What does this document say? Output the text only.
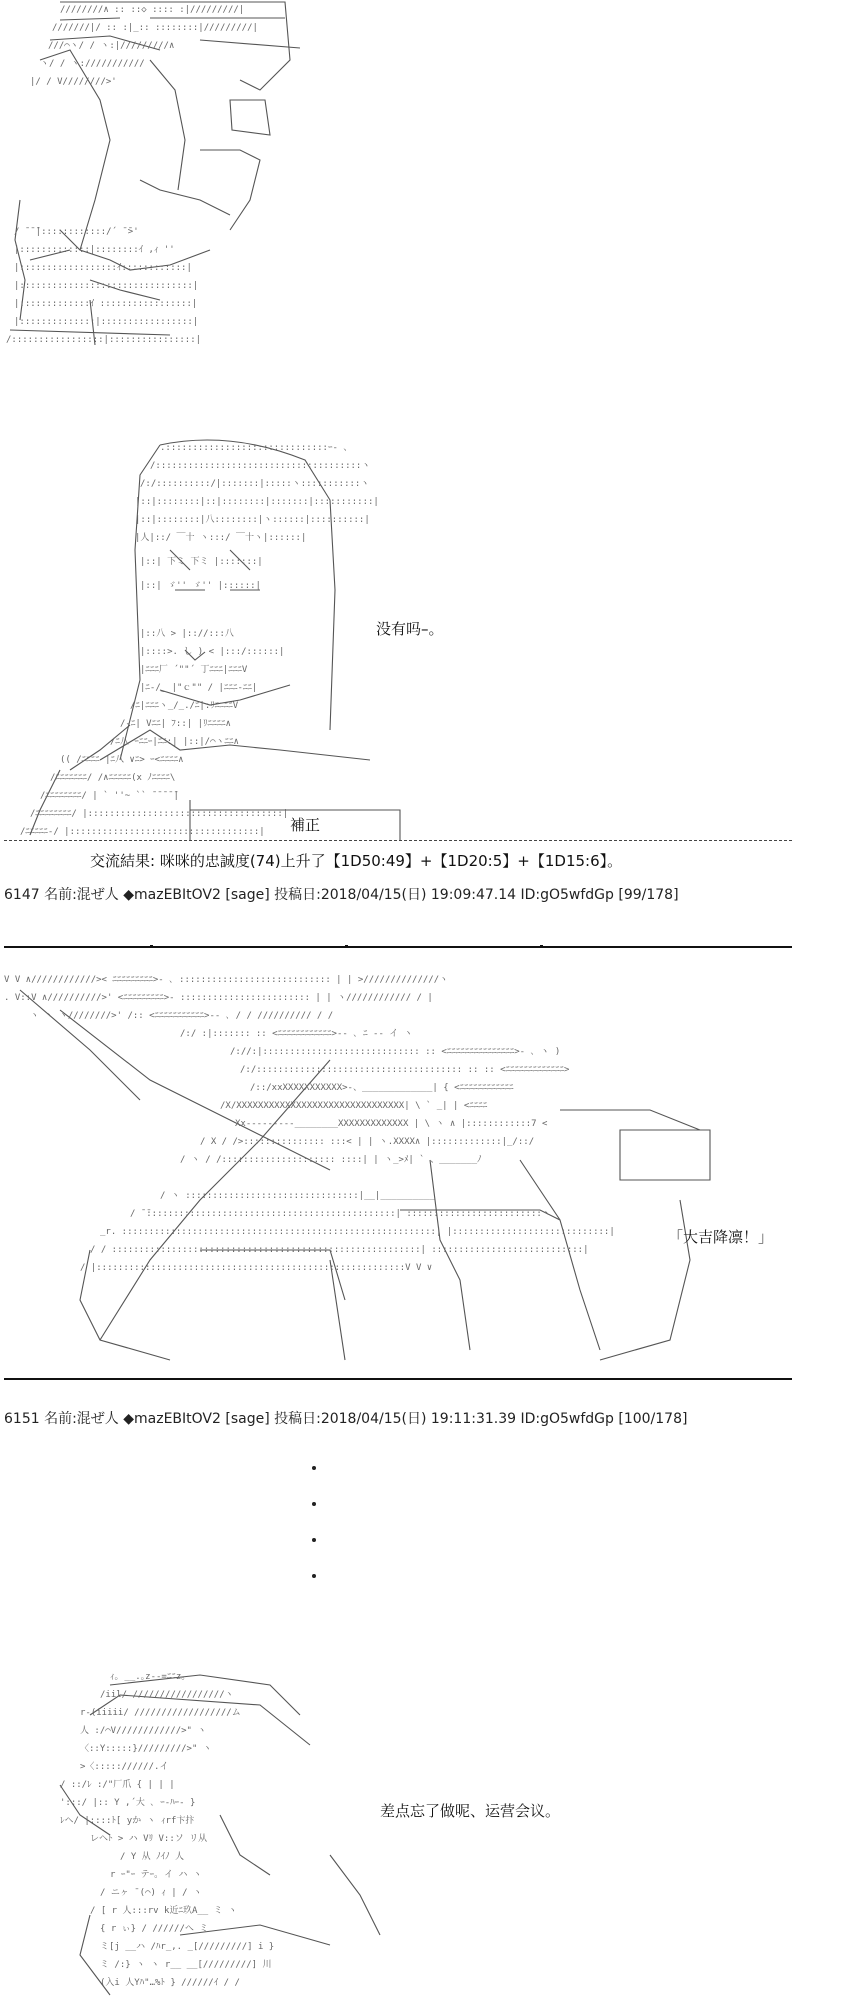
////////∧ :: ::◇ :::: :|/////////|
///////|/ :: :|_:: ::::::::|/////////|
///⌒ヽ/ / ヽ:|/////////∧
ヽ/ / ヽ:///////////
|/ / V////////>'
/ ̄ ̄ ̄|::::::::::::/´ ̄ ̄>'
|:::::::::::::|::::::::ｲ ,ｨ ''
|::::::::::::::::::ｲ::::::::::::|
|::::::::::::::::::::::::::::::::|
|:::::::::::::ｲ :::::::::::::::::|
|::::::::::::::|:::::::::::::::::|
/:::::::::::::::::|::::::::::::::::|
.::::::::::::::::::::::::::::::ｰ- 、
/::::::::::::::::::::::::::::::::::::::ヽ
/:/::::::::::/|:::::::|:::::ヽ:::::::::::ヽ
|::|::::::::|::|::::::::|:::::::|:::::::::::|
|::|::::::::|八::::::::|ヽ::::::|::::::::::|
|人|::/ ￣十 ヽ:::/ ￣十ヽ|::::::|
|::| 下ミ 下ミ |:::::::|
|::| ゞ'' ゞ'' |::::::|
|::八 > |:://:::八
|::::>. し ) < |:::/::::::|
|ﾆﾆﾆ厂 ´""´ 丁ﾆﾆﾆ|ﾆﾆﾆV
|ﾆ-/_ |"ｃ"" / |ﾆﾆﾆ-ﾆﾆ|
/ﾆ|ﾆﾆﾆヽ_/_./ﾆ|:ﾘﾆﾆﾆﾆV
/-ﾆ| Vﾆﾆ| ﾌ::| |ﾘﾆﾆﾆﾆ∧
/ﾆ八 ｰﾆﾆｰ|ﾆﾆ:| |::|/⌒ヽﾆﾆ∧
(( /ﾆﾆﾆﾆ |ﾆ八 ∨ﾆ> ｰ<ﾆﾆﾆﾆ∧
/ﾆﾆﾆﾆﾆﾆﾆ/ /∧ﾆﾆﾆﾆﾆ(x ﾉﾆﾆﾆﾆ\
/ﾆﾆﾆﾆﾆﾆﾆﾆ/ | ` ''~ `` ̄ ̄ ̄ ̄ ̄|
/ﾆﾆﾆﾆﾆﾆﾆﾆ/ |::::::::::::::::::::::::::::::::::::|
/ﾆﾆﾆﾆﾆ-/ |:::::::::::::::::::::::::::::::::::| 補正
没有吗–。
交流結果: 咪咪的忠誠度(74)上升了【1D50:49】+【1D20:5】+【1D15:6】。
6147 名前:混ぜ人 ◆mazEBItOV2 [sage] 投稿日:2018/04/15(日) 19:09:47.14 ID:gO5wfdGp [99/178]
V V ∧////////////>< ﾆﾆﾆﾆﾆﾆﾆﾆﾆ>- ､ :::::::::::::::::::::::::::: | | >//////////////ヽ
. V::V ∧//////////>' <ﾆﾆﾆﾆﾆﾆﾆﾆﾆ>- :::::::::::::::::::::::: | | ヽ//////////// / |
ヽ ヽ ヽ////////>' /:: <ﾆﾆﾆﾆﾆﾆﾆﾆﾆﾆﾆ>-- ､ / / ////////// / /
/:/ :|::::::: :: <ﾆﾆﾆﾆﾆﾆﾆﾆﾆﾆﾆﾆ>-- ､ ﾆ -- イ ヽ
/://:|::::::::::::::::::::::::::::: :: <ﾆﾆﾆﾆﾆﾆﾆﾆﾆﾆﾆﾆﾆﾆﾆ>- ､ ヽ )
/:/:::::::::::::::::::::::::::::::::::::: :: :: <ﾆﾆﾆﾆﾆﾆﾆﾆﾆﾆﾆﾆﾆ>
/::/xxXXXXXXXXXXX>-、_____________| { <ﾆﾆﾆﾆﾆﾆﾆﾆﾆﾆﾆﾆ
/X/XXXXXXXXXXXXXXXXXXXXXXXXXXXXXXX| \ ` _| | <ﾆﾆﾆﾆ
Xx---------________XXXXXXXXXXXXX | \ ヽ ∧ |::::::::::::7 <
/ X / />::::::::::::::: :::< | | ヽ.XXXX∧ |:::::::::::::|_/::/
/ ヽ / /::::::::::::::::::::: ::::| | ヽ_>ﾒ| ` 、_______ﾉ
/ ヽ ::::::::::::::::::::::::::::::::|__|__________
/ ̄ ̄::::::::::::::::::::::::::::::::::::::::::::::| :::::::::::::::::::::::::ヽ
_r. ::::::::::::::::::::::::::::::::::::::::::::::::::::::::::| |:::::::::::::::::::::::::::::|
/ / :::::::::::::::::::::::::::::::::::::::::::::::::::::::::| ::::::::::::::::::::::::::::|
/ |:::::::::::::::::::::::::::::::::::::::::::::::::::::::::V V ∨
「大吉降凛！」
6151 名前:混ぜ人 ◆mazEBItOV2 [sage] 投稿日:2018/04/15(日) 19:11:31.39 ID:gO5wfdGp [100/178]
ｨ｡ __.｡z--=ﾆﾆz｡
/iil/ /////////////////ヽ
r‐(iiiii/ //////////////////ム
人 :/⌒V////////////>" ヽ
〈::Y:::::}/////////>" ヽ
>〈::::://////.イ
/ ::/ﾚ :/"厂爪 { | | |
':::/ |:: Y ,´大 ､ ｰ-ﾊｰ- }
ﾚヘ/ |::::ﾄ[ yか ヽ ｨrf卞抃
レヘﾄ > ハ Vﾘ V::ソ リ从
/ Y 从 ﾉｲﾉ 人
r ｰ"ｰ テｰ｡ イ ハ ヽ
/ ニヶ ̄ (⌒) ｨ | / ヽ
/ [ r 人:::rv k近ﾆ玖A__ ミ ヽ
{ r ぃ} / //////へ ミ
ミ[j __ハ /ﾊr_,. _[/////////] i }
ミ /:} ヽ ヽ r__ __[/////////] 川
(入i 人Yﾊ"…%ﾄ } //////ｲ / /
差点忘了做呢、运营会议。
